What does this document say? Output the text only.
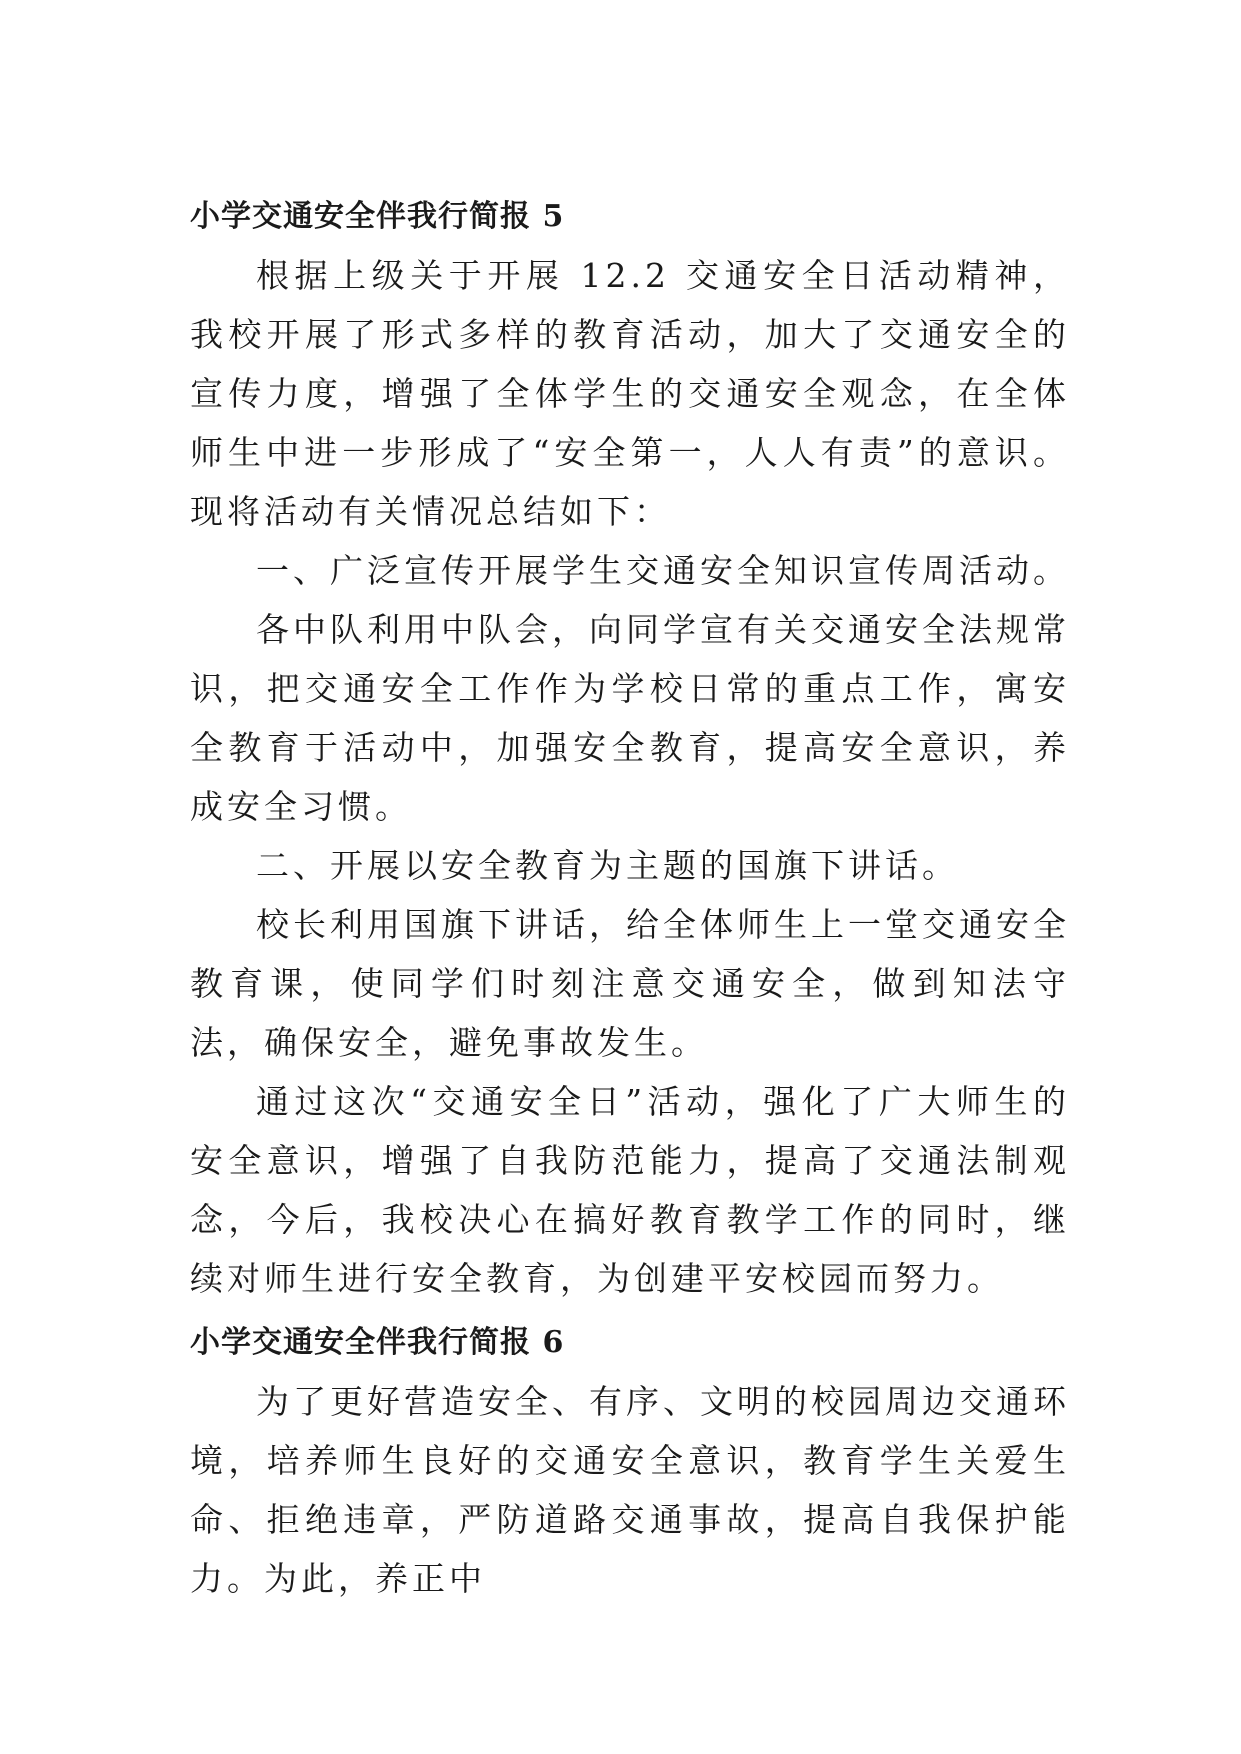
小学交通安全伴我行简报 5

根据上级关于开展 12.2 交通安全日活动精神，我校开展了形式多样的教育活动，加大了交通安全的宣传力度，增强了全体学生的交通安全观念，在全体师生中进一步形成了“安全第一，人人有责”的意识。现将活动有关情况总结如下：

一、广泛宣传开展学生交通安全知识宣传周活动。

各中队利用中队会，向同学宣有关交通安全法规常识，把交通安全工作作为学校日常的重点工作，寓安全教育于活动中，加强安全教育，提高安全意识，养成安全习惯。

二、开展以安全教育为主题的国旗下讲话。

校长利用国旗下讲话，给全体师生上一堂交通安全教育课，使同学们时刻注意交通安全，做到知法守法，确保安全，避免事故发生。

通过这次“交通安全日”活动，强化了广大师生的安全意识，增强了自我防范能力，提高了交通法制观念，今后，我校决心在搞好教育教学工作的同时，继续对师生进行安全教育，为创建平安校园而努力。

小学交通安全伴我行简报 6

为了更好营造安全、有序、文明的校园周边交通环境，培养师生良好的交通安全意识，教育学生关爱生命、拒绝违章，严防道路交通事故，提高自我保护能力。为此，养正中
